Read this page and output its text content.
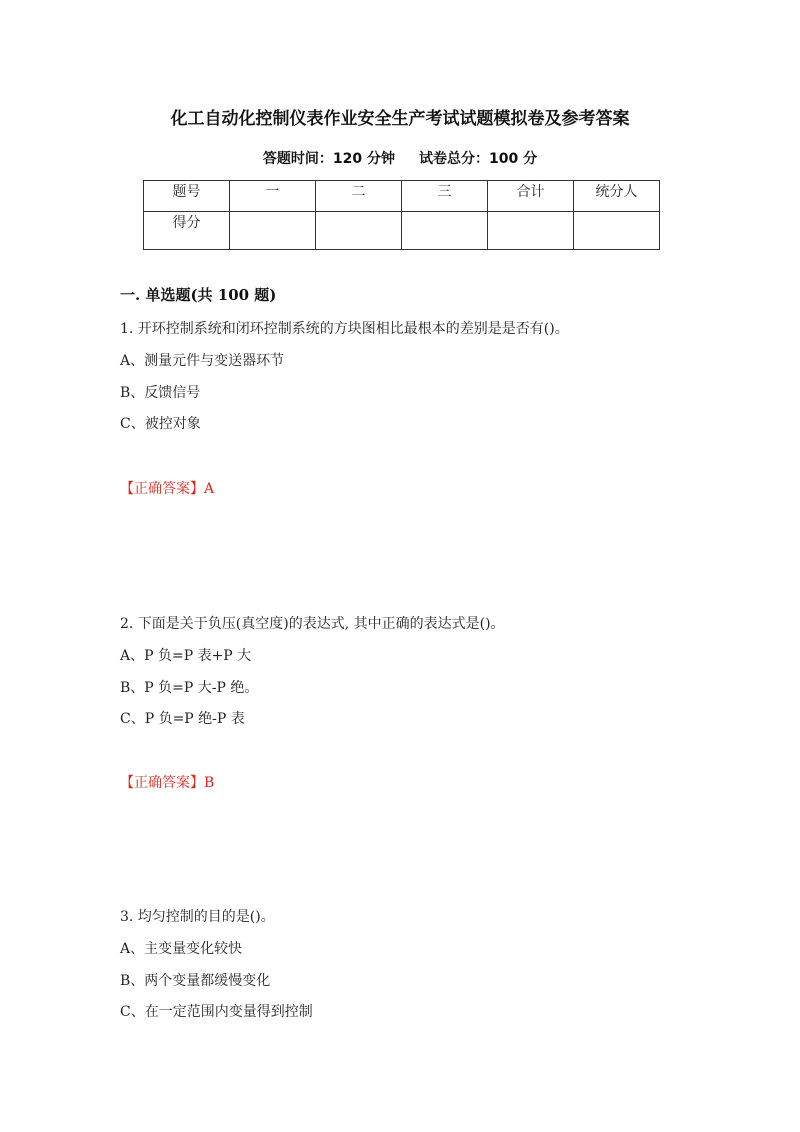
化工自动化控制仪表作业安全生产考试试题模拟卷及参考答案
答题时间：120 分钟 试卷总分：100 分
题号	一	二	三	合计	统分人
得分					
一. 单选题(共 100 题)
1. 开环控制系统和闭环控制系统的方块图相比最根本的差别是是否有()。
A、测量元件与变送器环节
B、反馈信号
C、被控对象
【正确答案】A
2. 下面是关于负压(真空度)的表达式, 其中正确的表达式是()。
A、P 负=P 表+P 大
B、P 负=P 大-P 绝。
C、P 负=P 绝-P 表
【正确答案】B
3. 均匀控制的目的是()。
A、主变量变化较快
B、两个变量都缓慢变化
C、在一定范围内变量得到控制
